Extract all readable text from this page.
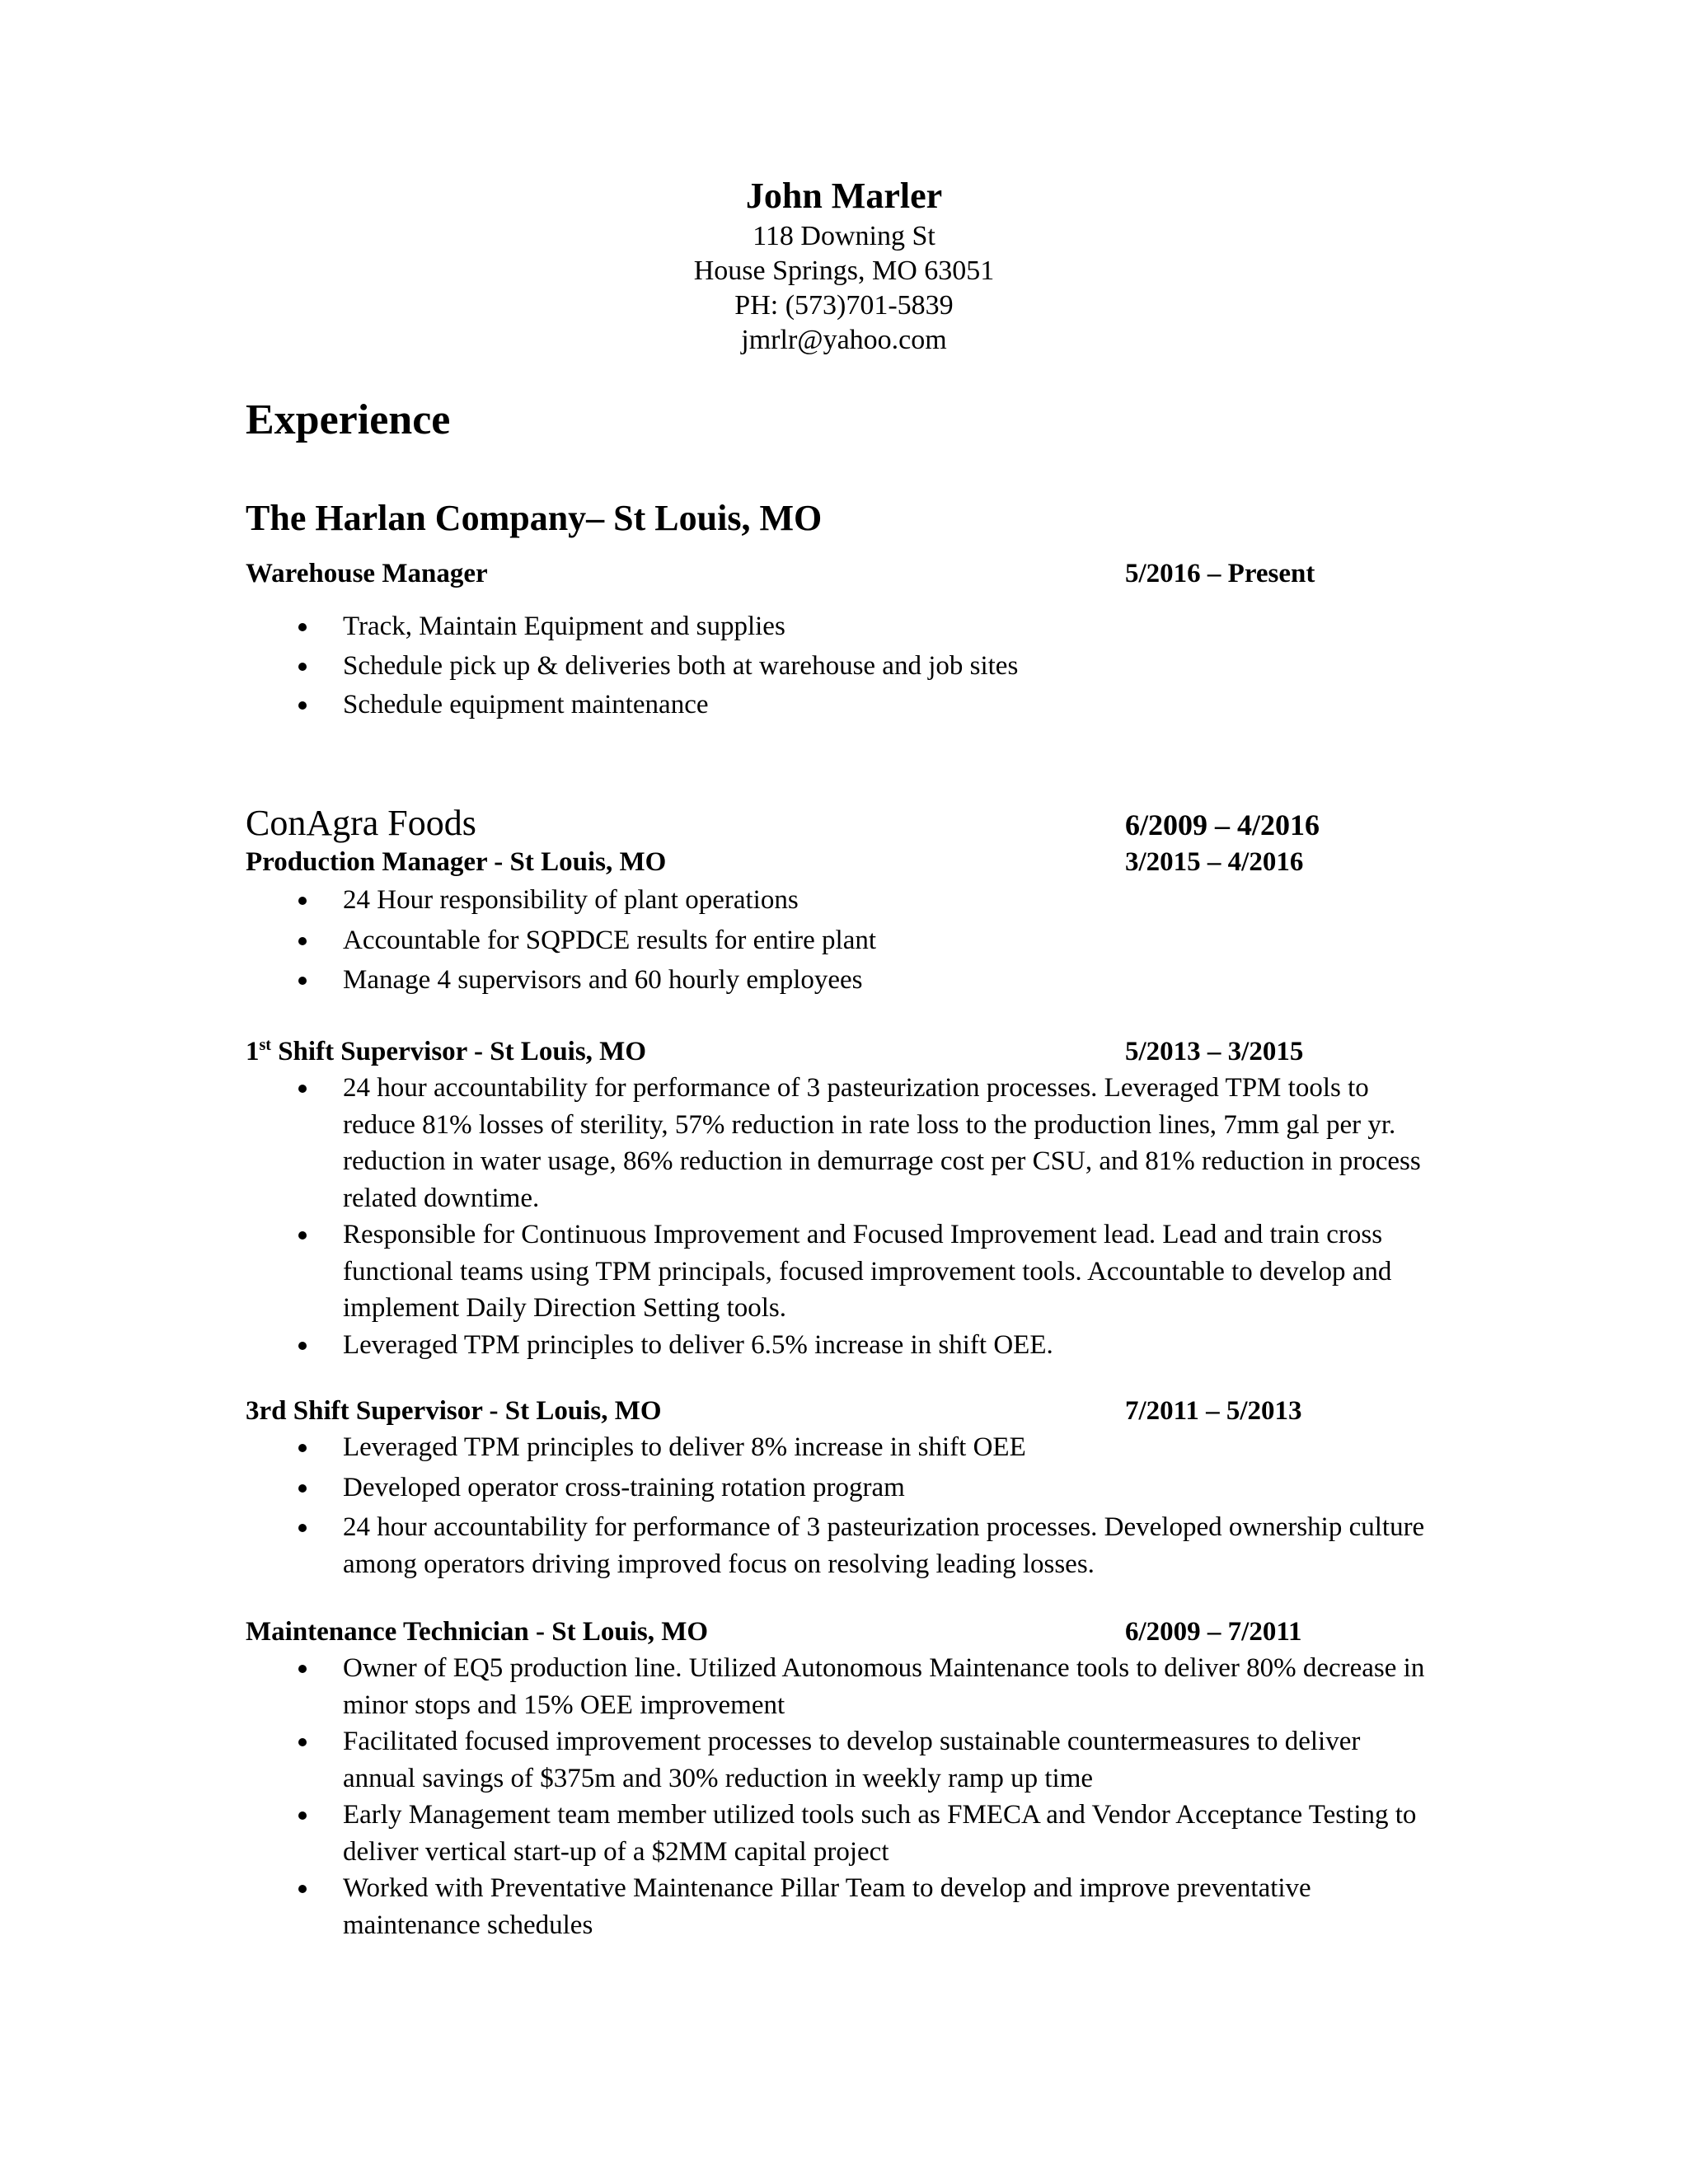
John Marler
118 Downing St
House Springs, MO 63051
PH: (573)701-5839
jmrlr@yahoo.com
Experience
The Harlan Company– St Louis, MO
Warehouse Manager	5/2016 – Present
Track, Maintain Equipment and supplies
Schedule pick up & deliveries both at warehouse and job sites
Schedule equipment maintenance
ConAgra Foods	6/2009 – 4/2016
Production Manager - St Louis, MO	3/2015 – 4/2016
24 Hour responsibility of plant operations
Accountable for SQPDCE results for entire plant
Manage 4 supervisors and 60 hourly employees
1st Shift Supervisor - St Louis, MO	5/2013 – 3/2015
24 hour accountability for performance of 3 pasteurization processes. Leveraged TPM tools to reduce 81% losses of sterility, 57% reduction in rate loss to the production lines, 7mm gal per yr. reduction in water usage, 86% reduction in demurrage cost per CSU, and 81% reduction in process related downtime.
Responsible for Continuous Improvement and Focused Improvement lead. Lead and train cross functional teams using TPM principals, focused improvement tools. Accountable to develop and implement Daily Direction Setting tools.
Leveraged TPM principles to deliver 6.5% increase in shift OEE.
3rd Shift Supervisor - St Louis, MO	7/2011 – 5/2013
Leveraged TPM principles to deliver 8% increase in shift OEE
Developed operator cross-training rotation program
24 hour accountability for performance of 3 pasteurization processes. Developed ownership culture among operators driving improved focus on resolving leading losses.
Maintenance Technician - St Louis, MO	6/2009 – 7/2011
Owner of EQ5 production line. Utilized Autonomous Maintenance tools to deliver 80% decrease in minor stops and 15% OEE improvement
Facilitated focused improvement processes to develop sustainable countermeasures to deliver annual savings of $375m and 30% reduction in weekly ramp up time
Early Management team member utilized tools such as FMECA and Vendor Acceptance Testing to deliver vertical start-up of a $2MM capital project
Worked with Preventative Maintenance Pillar Team to develop and improve preventative maintenance schedules
